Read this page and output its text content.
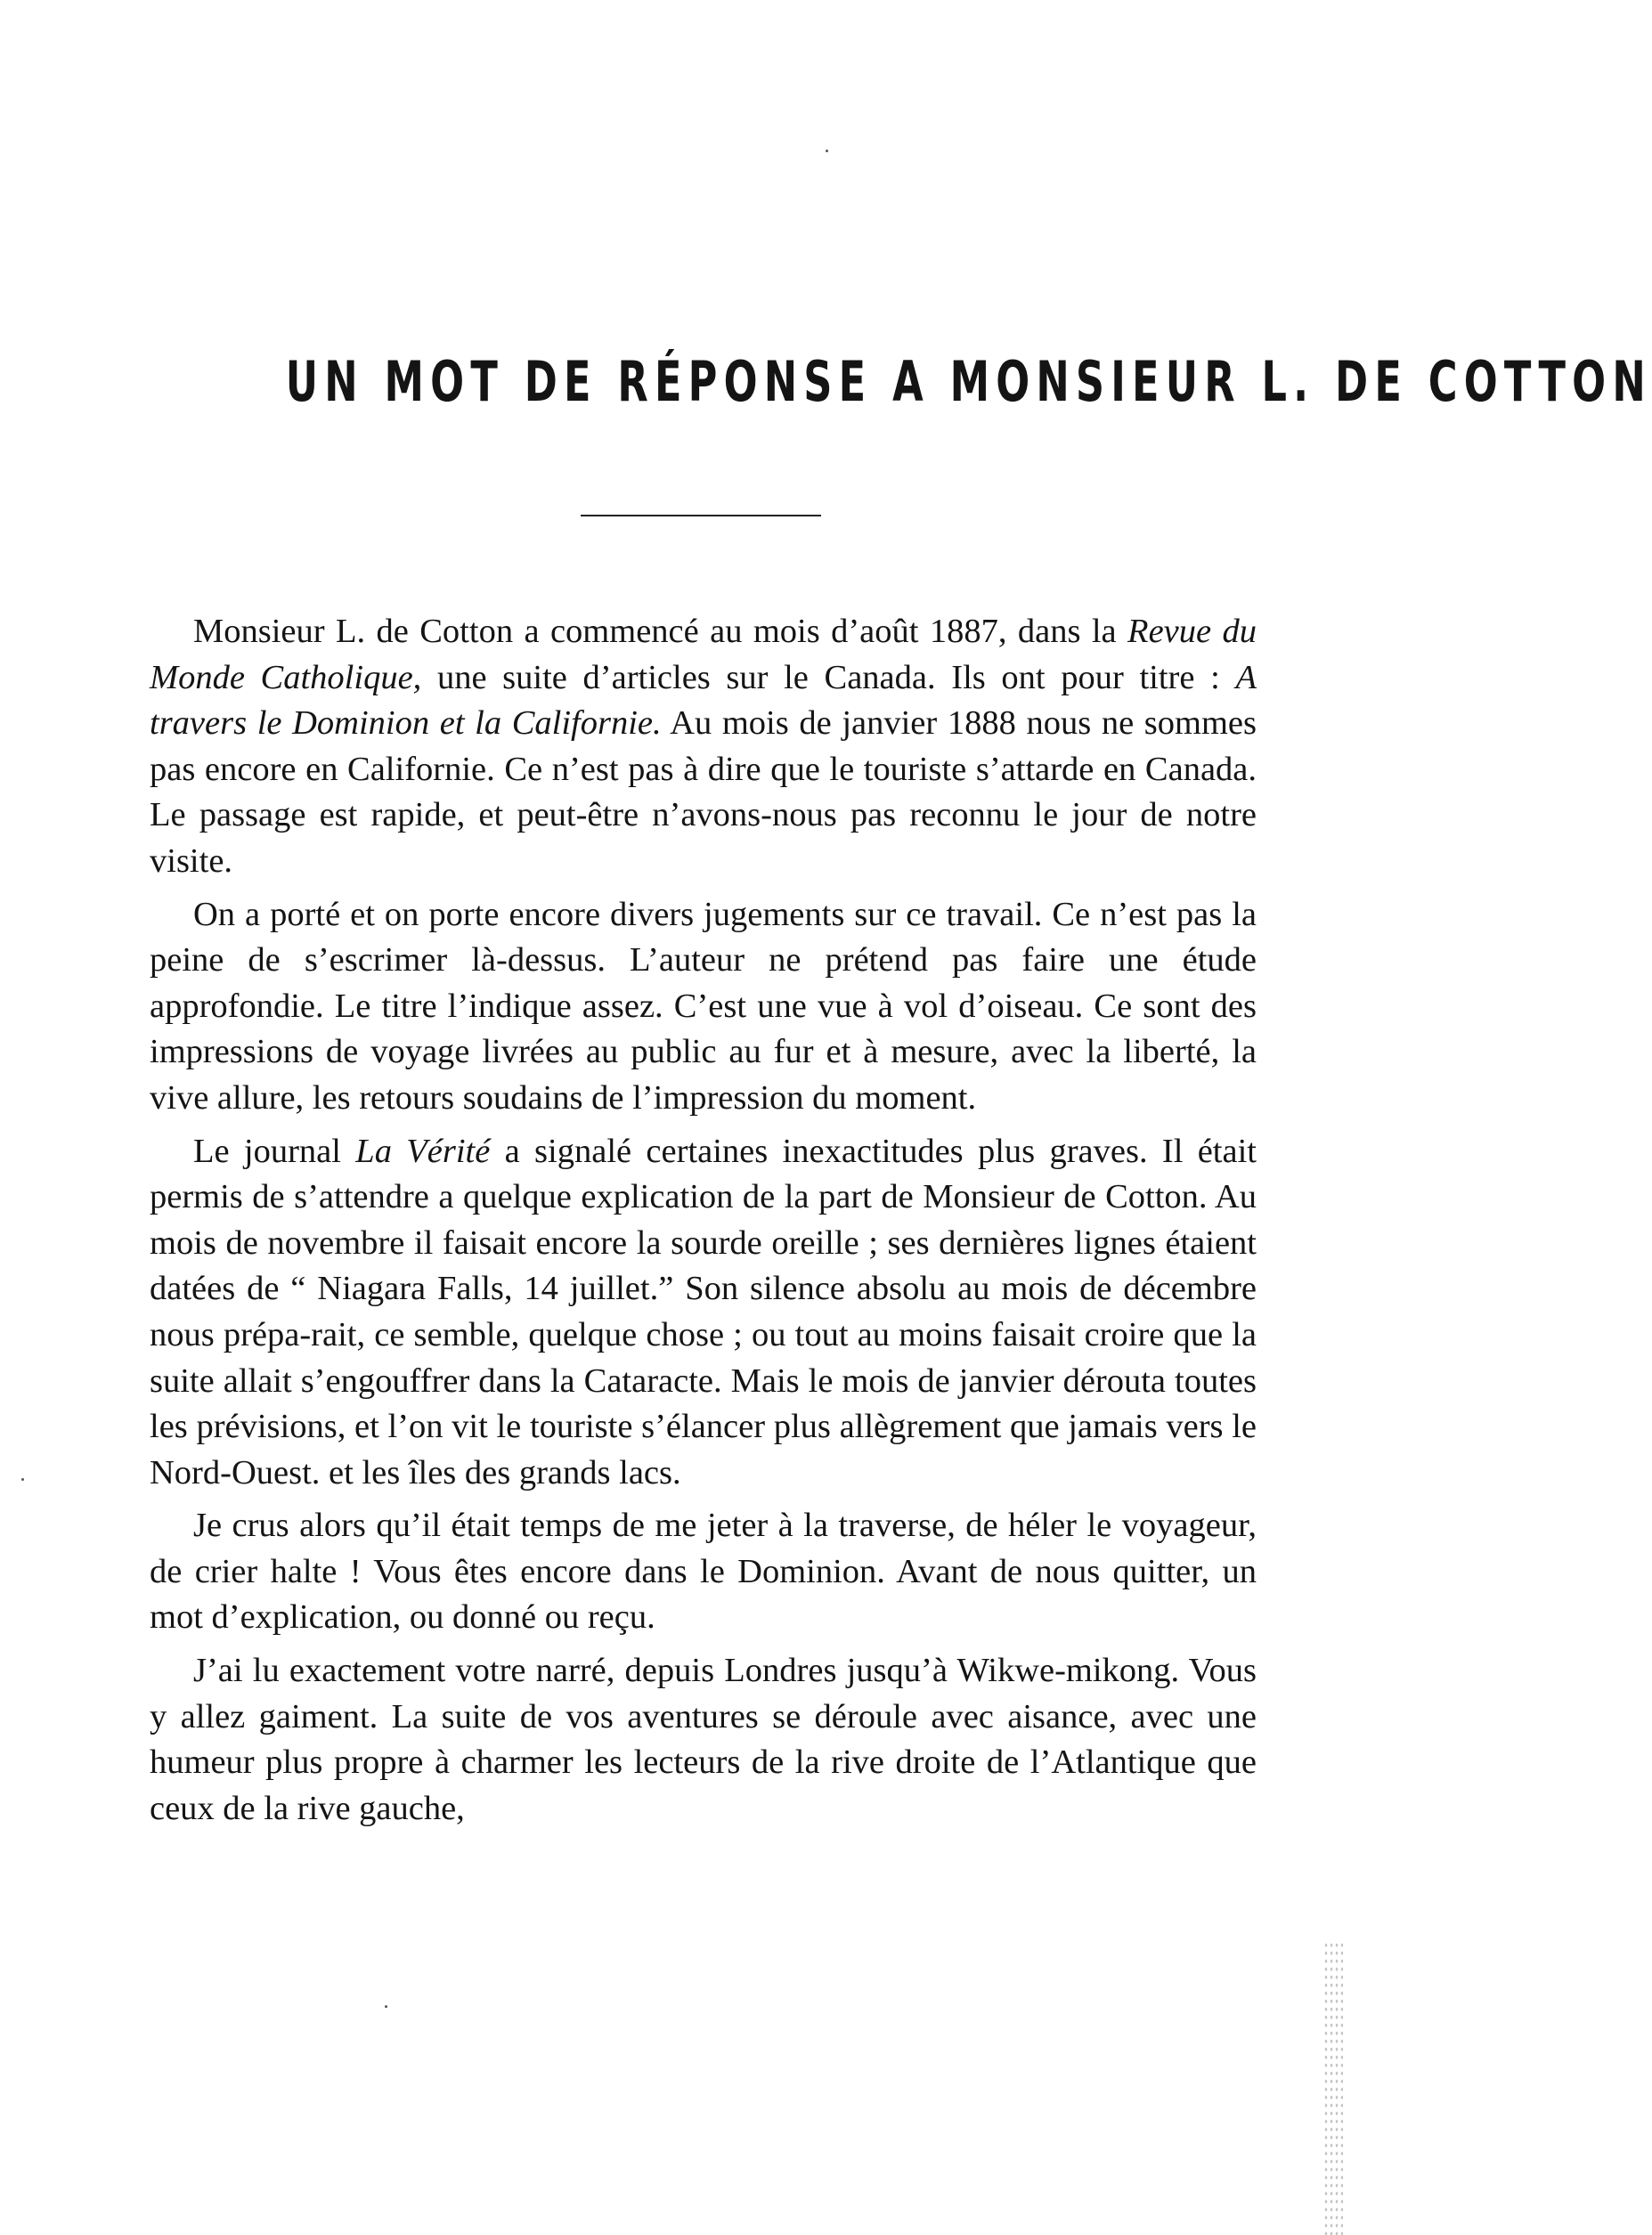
UN MOT DE RÉPONSE A MONSIEUR L. DE COTTON

Monsieur L. de Cotton a commencé au mois d’août 1887, dans la Revue du Monde Catholique, une suite d’articles sur le Canada. Ils ont pour titre : A travers le Dominion et la Californie. Au mois de janvier 1888 nous ne sommes pas encore en Californie. Ce n’est pas à dire que le touriste s’attarde en Canada. Le passage est rapide, et peut-être n’avons-nous pas reconnu le jour de notre visite.

On a porté et on porte encore divers jugements sur ce travail. Ce n’est pas la peine de s’escrimer là-dessus. L’auteur ne prétend pas faire une étude approfondie. Le titre l’indique assez. C’est une vue à vol d’oiseau. Ce sont des impressions de voyage livrées au public au fur et à mesure, avec la liberté, la vive allure, les retours soudains de l’impression du moment.

Le journal La Vérité a signalé certaines inexactitudes plus graves. Il était permis de s’attendre a quelque explication de la part de Monsieur de Cotton. Au mois de novembre il faisait encore la sourde oreille ; ses dernières lignes étaient datées de “ Niagara Falls, 14 juillet.” Son silence absolu au mois de décembre nous prépa-rait, ce semble, quelque chose ; ou tout au moins faisait croire que la suite allait s’engouffrer dans la Cataracte. Mais le mois de janvier dérouta toutes les prévisions, et l’on vit le touriste s’élancer plus allègrement que jamais vers le Nord-Ouest. et les îles des grands lacs.

Je crus alors qu’il était temps de me jeter à la traverse, de héler le voyageur, de crier halte ! Vous êtes encore dans le Dominion. Avant de nous quitter, un mot d’explication, ou donné ou reçu.

J’ai lu exactement votre narré, depuis Londres jusqu’à Wikwe-mikong. Vous y allez gaiment. La suite de vos aventures se déroule avec aisance, avec une humeur plus propre à charmer les lecteurs de la rive droite de l’Atlantique que ceux de la rive gauche,
